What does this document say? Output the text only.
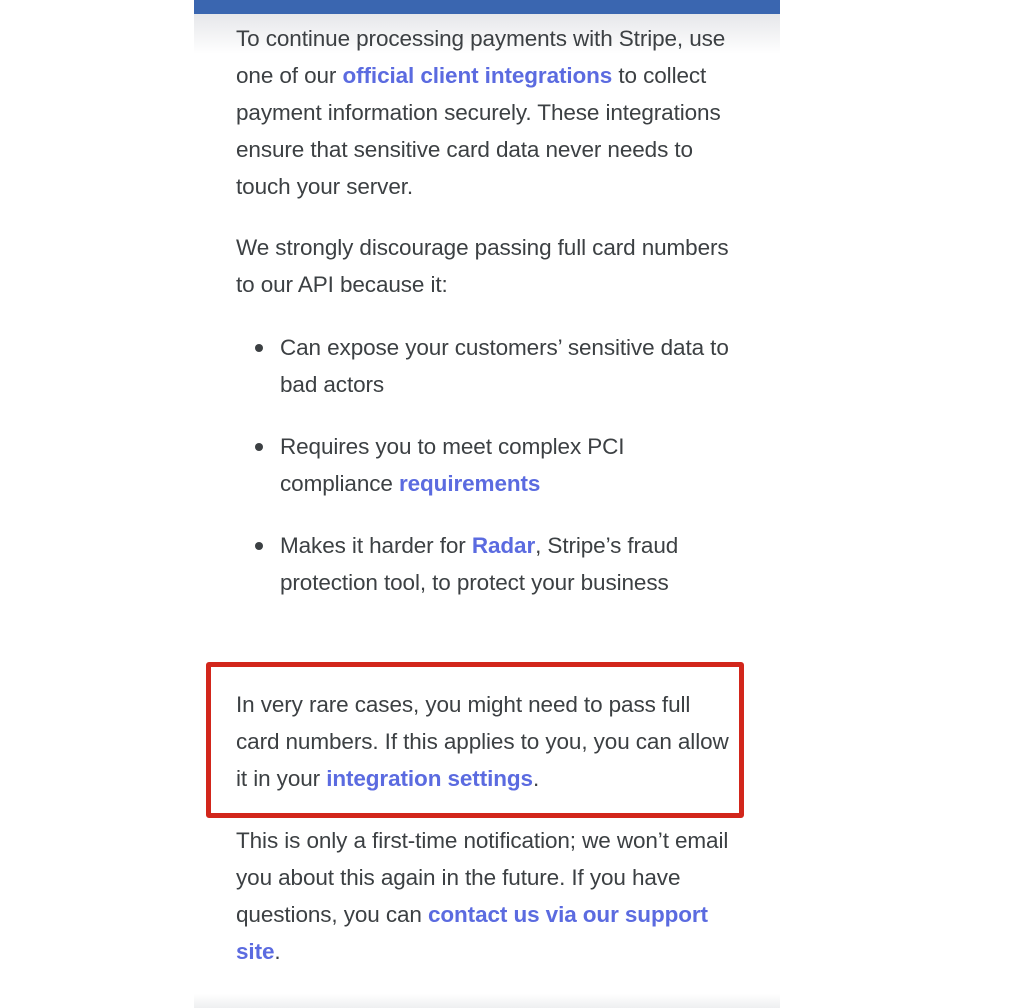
To continue processing payments with Stripe, use one of our official client integrations to collect payment information securely. These integrations ensure that sensitive card data never needs to touch your server.

We strongly discourage passing full card numbers to our API because it:

Can expose your customers’ sensitive data to bad actors
Requires you to meet complex PCI compliance requirements
Makes it harder for Radar, Stripe’s fraud protection tool, to protect your business

In very rare cases, you might need to pass full card numbers. If this applies to you, you can allow it in your integration settings.

This is only a first-time notification; we won’t email you about this again in the future. If you have questions, you can contact us via our support site.
